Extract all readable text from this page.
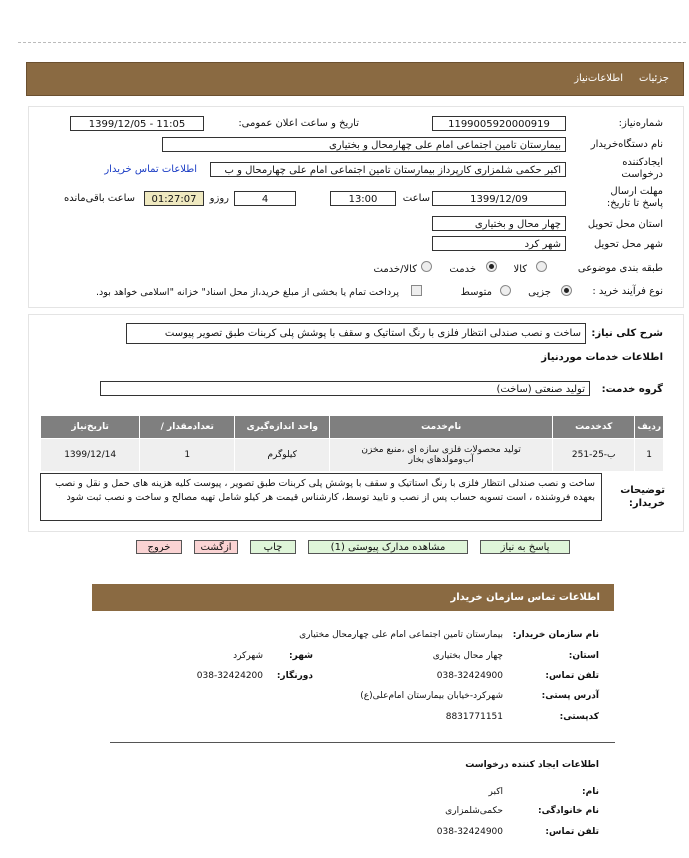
جزئیات
اطلاعات‌نیاز
شماره‌نیاز:
1199005920000919
تاریخ و ساعت اعلان عمومی:
1399/12/05 - 11:05
نام دستگاه‌خریدار
بیمارستان تامین اجتماعی امام علی چهارمحال و بختیاری
ایجادکننده درخواست
اکبر حکمی شلمزاری کارپرداز بیمارستان تامین اجتماعی امام علی چهارمحال و ب
اطلاعات تماس خریدار
مهلت ارسال پاسخ تا تاریخ:
1399/12/09
ساعت
13:00
4
روزو
01:27:07
ساعت باقی‌مانده
استان محل تحویل
چهار محال و بختیاری
شهر محل تحویل
شهر کرد
طبقه بندی موضوعی
کالا
خدمت
کالا/خدمت
نوع فرآیند خرید :
جزیی
متوسط
پرداخت تمام یا بخشی از مبلغ خرید،از محل اسناد" خزانه "اسلامی خواهد بود.
شرح کلی نیاز:
ساخت و نصب صندلی انتظار فلزی با رنگ استاتیک و سقف با پوشش پلی کربنات طبق تصویر پیوست
اطلاعات خدمات موردنیاز
گروه خدمت:
تولید صنعتی (ساخت)
ردیف	کدخدمت	نام‌خدمت	واحد اندازه‌گیری	تعدادمقدار /	تاریخ‌نیاز
1	ب-25-251	تولید محصولات فلزی سازه ای ،منبع مخزن آب‌ومولدهای بخار	کیلوگرم	1	1399/12/14
توضیحات خریدار:
ساخت و نصب صندلی انتظار فلزی با رنگ استاتیک و سقف با پوشش پلی کربنات طبق تصویر ، پیوست کلیه هزینه های حمل و نقل و نصب بعهده فروشنده ، است تسویه حساب پس از نصب و تایید توسط، کارشناس قیمت هر کیلو شامل تهیه مصالح و ساخت و نصب ثبت شود
پاسخ به نیاز
مشاهده مدارک پیوستی (1)
چاپ
ازگشت
خروج
اطلاعات تماس سازمان خریدار
نام سازمان خریدار:
بیمارستان تامین اجتماعی امام علی چهارمحال مختیاری
استان:
چهار محال بختیاری
شهر:
شهرکرد
تلفن تماس:
038-32424900
دورنگار:
038-32424200
آدرس پستی:
شهرکرد-خیابان بیمارستان امام‌علی(ع)
کدپستی:
8831771151
اطلاعات ایجاد کننده درخواست
نام:
اکبر
نام خانوادگی:
حکمی‌شلمزاری
تلفن تماس:
038-32424900
